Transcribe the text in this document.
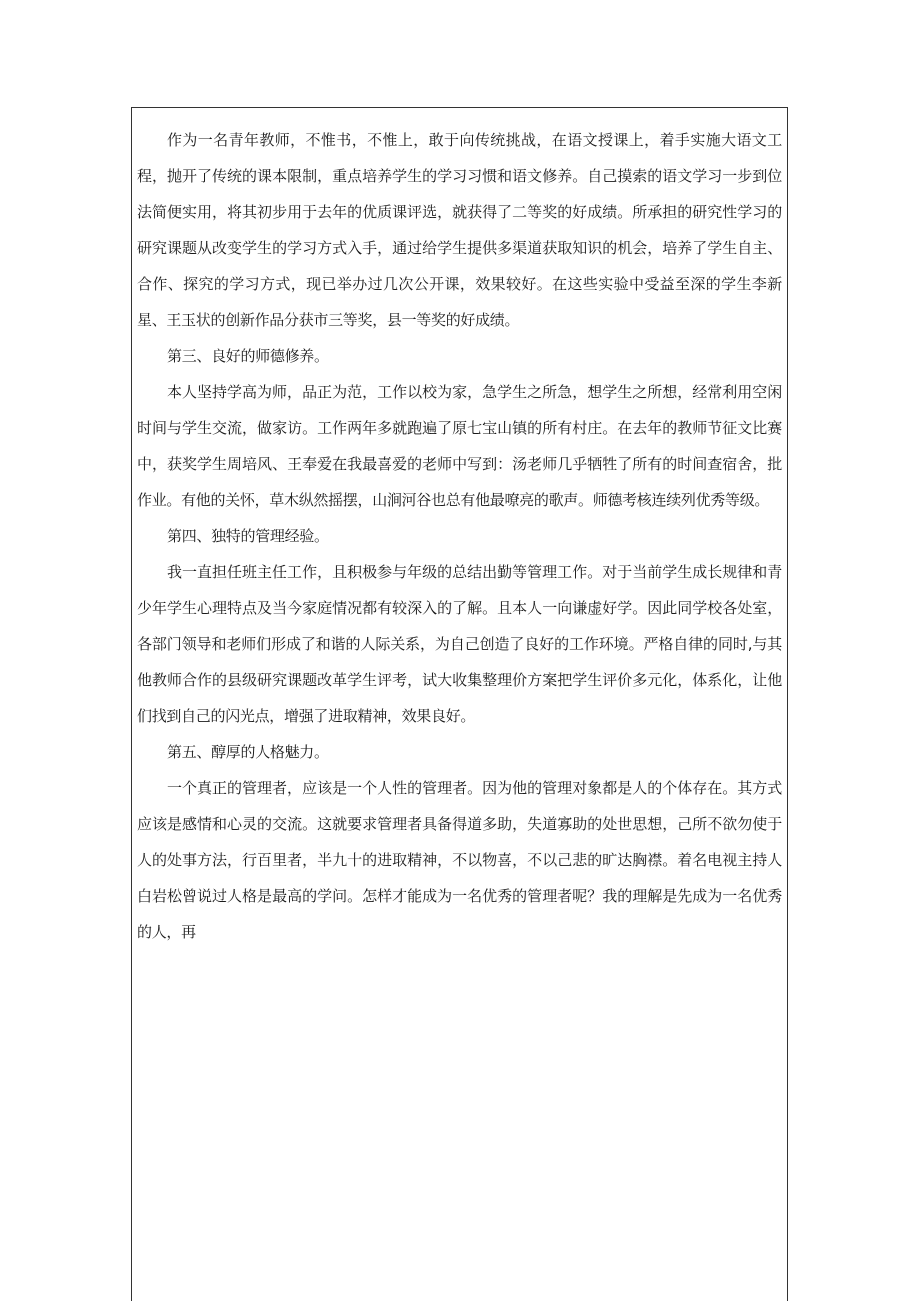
作为一名青年教师，不惟书，不惟上，敢于向传统挑战，在语文授课上，着手实施大语文工程，抛开了传统的课本限制，重点培养学生的学习习惯和语文修养。自己摸索的语文学习一步到位法简便实用，将其初步用于去年的优质课评选，就获得了二等奖的好成绩。所承担的研究性学习的研究课题从改变学生的学习方式入手，通过给学生提供多渠道获取知识的机会，培养了学生自主、合作、探究的学习方式，现已举办过几次公开课，效果较好。在这些实验中受益至深的学生李新星、王玉状的创新作品分获市三等奖，县一等奖的好成绩。

第三、良好的师德修养。

本人坚持学高为师，品正为范，工作以校为家，急学生之所急，想学生之所想，经常利用空闲时间与学生交流，做家访。工作两年多就跑遍了原七宝山镇的所有村庄。在去年的教师节征文比赛中，获奖学生周培风、王奉爱在我最喜爱的老师中写到：汤老师几乎牺牲了所有的时间查宿舍，批作业。有他的关怀，草木纵然摇摆，山涧河谷也总有他最嘹亮的歌声。师德考核连续列优秀等级。

第四、独特的管理经验。

我一直担任班主任工作，且积极参与年级的总结出勤等管理工作。对于当前学生成长规律和青少年学生心理特点及当今家庭情况都有较深入的了解。且本人一向谦虚好学。因此同学校各处室，各部门领导和老师们形成了和谐的人际关系，为自己创造了良好的工作环境。严格自律的同时,与其他教师合作的县级研究课题改革学生评考，试大收集整理价方案把学生评价多元化，体系化，让他们找到自己的闪光点，增强了进取精神，效果良好。

第五、醇厚的人格魅力。

一个真正的管理者，应该是一个人性的管理者。因为他的管理对象都是人的个体存在。其方式应该是感情和心灵的交流。这就要求管理者具备得道多助，失道寡助的处世思想，己所不欲勿使于人的处事方法，行百里者，半九十的进取精神，不以物喜，不以己悲的旷达胸襟。着名电视主持人白岩松曾说过人格是最高的学问。怎样才能成为一名优秀的管理者呢？我的理解是先成为一名优秀的人，再
